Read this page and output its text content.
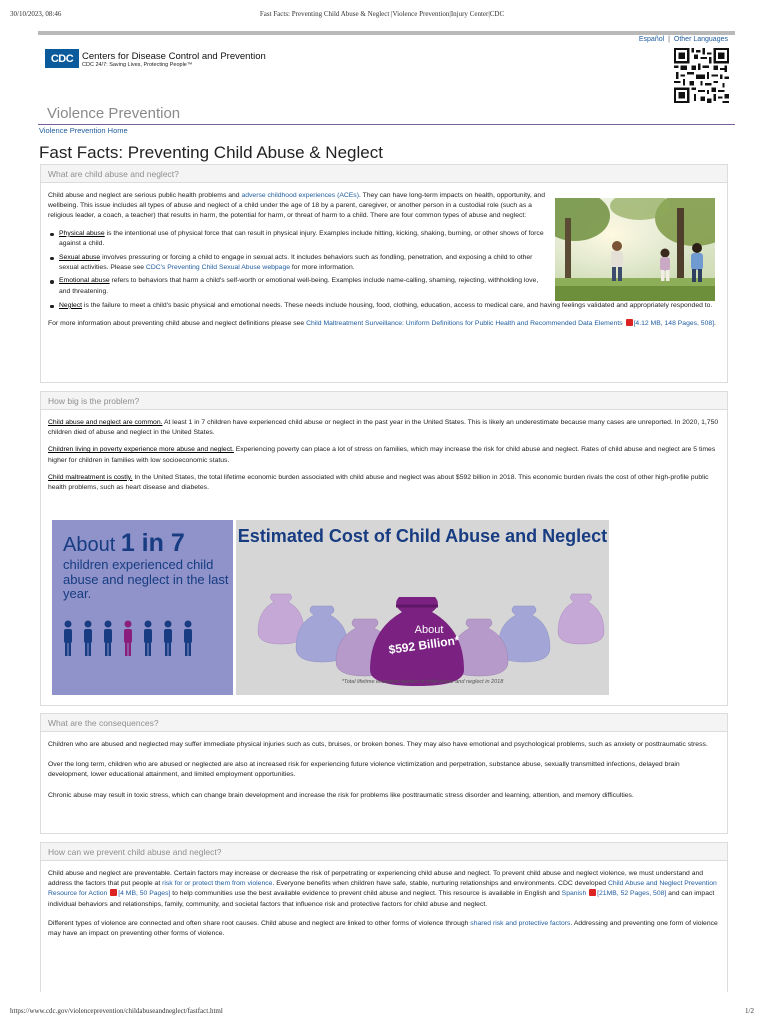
30/10/2023, 08:46	Fast Facts: Preventing Child Abuse & Neglect |Violence Prevention|Injury Center|CDC
Español | Other Languages
CDC Centers for Disease Control and Prevention
CDC 24/7: Saving Lives, Protecting People™
Violence Prevention
Violence Prevention Home
Fast Facts: Preventing Child Abuse & Neglect
What are child abuse and neglect?

Child abuse and neglect are serious public health problems and adverse childhood experiences (ACEs). They can have long-term impacts on health, opportunity, and wellbeing. This issue includes all types of abuse and neglect of a child under the age of 18 by a parent, caregiver, or another person in a custodial role (such as a religious leader, a coach, a teacher) that results in harm, the potential for harm, or threat of harm to a child. There are four common types of abuse and neglect:

Physical abuse is the intentional use of physical force that can result in physical injury. Examples include hitting, kicking, shaking, burning, or other shows of force against a child.
Sexual abuse involves pressuring or forcing a child to engage in sexual acts. It includes behaviors such as fondling, penetration, and exposing a child to other sexual activities. Please see CDC's Preventing Child Sexual Abuse webpage for more information.
Emotional abuse refers to behaviors that harm a child's self-worth or emotional well-being. Examples include name-calling, shaming, rejecting, withholding love, and threatening.
Neglect is the failure to meet a child's basic physical and emotional needs. These needs include housing, food, clothing, education, access to medical care, and having feelings validated and appropriately responded to.

For more information about preventing child abuse and neglect definitions please see Child Maltreatment Surveillance: Uniform Definitions for Public Health and Recommended Data Elements [4.12 MB, 148 Pages, 508].

How big is the problem?

Child abuse and neglect are common. At least 1 in 7 children have experienced child abuse or neglect in the past year in the United States. This is likely an underestimate because many cases are unreported. In 2020, 1,750 children died of abuse and neglect in the United States.

Children living in poverty experience more abuse and neglect. Experiencing poverty can place a lot of stress on families, which may increase the risk for child abuse and neglect. Rates of child abuse and neglect are 5 times higher for children in families with low socioeconomic status.

Child maltreatment is costly. In the United States, the total lifetime economic burden associated with child abuse and neglect was about $592 billion in 2018. This economic burden rivals the cost of other high-profile public health problems, such as heart disease and diabetes.

About 1 in 7
children experienced child abuse and neglect in the last year.
Estimated Cost of Child Abuse and Neglect
About
$592 Billion*
*Total lifetime economic burden of child abuse and neglect in 2018
What are the consequences?

Children who are abused and neglected may suffer immediate physical injuries such as cuts, bruises, or broken bones. They may also have emotional and psychological problems, such as anxiety or posttraumatic stress.

Over the long term, children who are abused or neglected are also at increased risk for experiencing future violence victimization and perpetration, substance abuse, sexually transmitted infections, delayed brain development, lower educational attainment, and limited employment opportunities.

Chronic abuse may result in toxic stress, which can change brain development and increase the risk for problems like posttraumatic stress disorder and learning, attention, and memory difficulties.

How can we prevent child abuse and neglect?

Child abuse and neglect are preventable. Certain factors may increase or decrease the risk of perpetrating or experiencing child abuse and neglect. To prevent child abuse and neglect violence, we must understand and address the factors that put people at risk for or protect them from violence. Everyone benefits when children have safe, stable, nurturing relationships and environments. CDC developed Child Abuse and Neglect Prevention Resource for Action [4 MB, 50 Pages] to help communities use the best available evidence to prevent child abuse and neglect. This resource is available in English and Spanish [21MB, 52 Pages, 508] and can impact individual behaviors and relationships, family, community, and societal factors that influence risk and protective factors for child abuse and neglect.

Different types of violence are connected and often share root causes. Child abuse and neglect are linked to other forms of violence through shared risk and protective factors. Addressing and preventing one form of violence may have an impact on preventing other forms of violence.

https://www.cdc.gov/violenceprevention/childabuseandneglect/fastfact.html	1/2
